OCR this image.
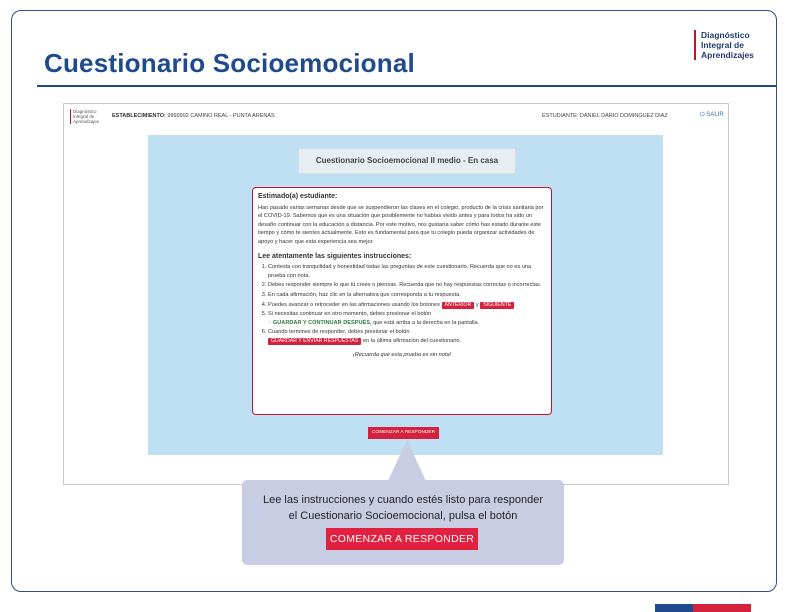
Cuestionario Socioemocional
Diagnóstico
Integral de
Aprendizajes
Diagnóstico
Integral de
Aprendizajes
ESTABLECIMIENTO: 9999992 CAMINO REAL - PUNTA ARENAS	ESTUDIANTE: DANIEL DARIO DOMINGUEZ DIAZ	⏻ SALIR
Cuestionario Socioemocional II medio - En casa
Estimado(a) estudiante:
Han pasado varias semanas desde que se suspendieron las clases en el colegio, producto de la crisis sanitaria por el COVID-19. Sabemos que es una situación que posiblemente no habías vivido antes y para todos ha sido un desafío continuar con la educación a distancia. Por este motivo, nos gustaría saber cómo has estado durante este tiempo y cómo te sientes actualmente. Esto es fundamental para que tu colegio pueda organizar actividades de apoyo y hacer que esta experiencia sea mejor.
Lee atentamente las siguientes instrucciones:
1. Contesta con tranquilidad y honestidad todas las preguntas de este cuestionario. Recuerda que no es una prueba con nota.
2. Debes responder siempre lo que tú crees o piensas. Recuerda que no hay respuestas correctas o incorrectas.
3. En cada afirmación, haz clic en la alternativa que corresponda a tu respuesta.
4. Puedes avanzar o retroceder en las afirmaciones usando los botones ANTERIOR y SIGUIENTE .
5. Si necesitas continuar en otro momento, debes presionar el botón
◌ GUARDAR Y CONTINUAR DESPUÉS, que está arriba a la derecha en la pantalla.
6. Cuando termines de responder, debes presionar el botón
GUARDAR Y ENVIAR RESPUESTAS en la última afirmación del cuestionario.
¡Recuerda que esta prueba es sin nota!
COMENZAR A RESPONDER
Lee las instrucciones y cuando estés listo para responder
el Cuestionario Socioemocional, pulsa el botón
COMENZAR A RESPONDER
